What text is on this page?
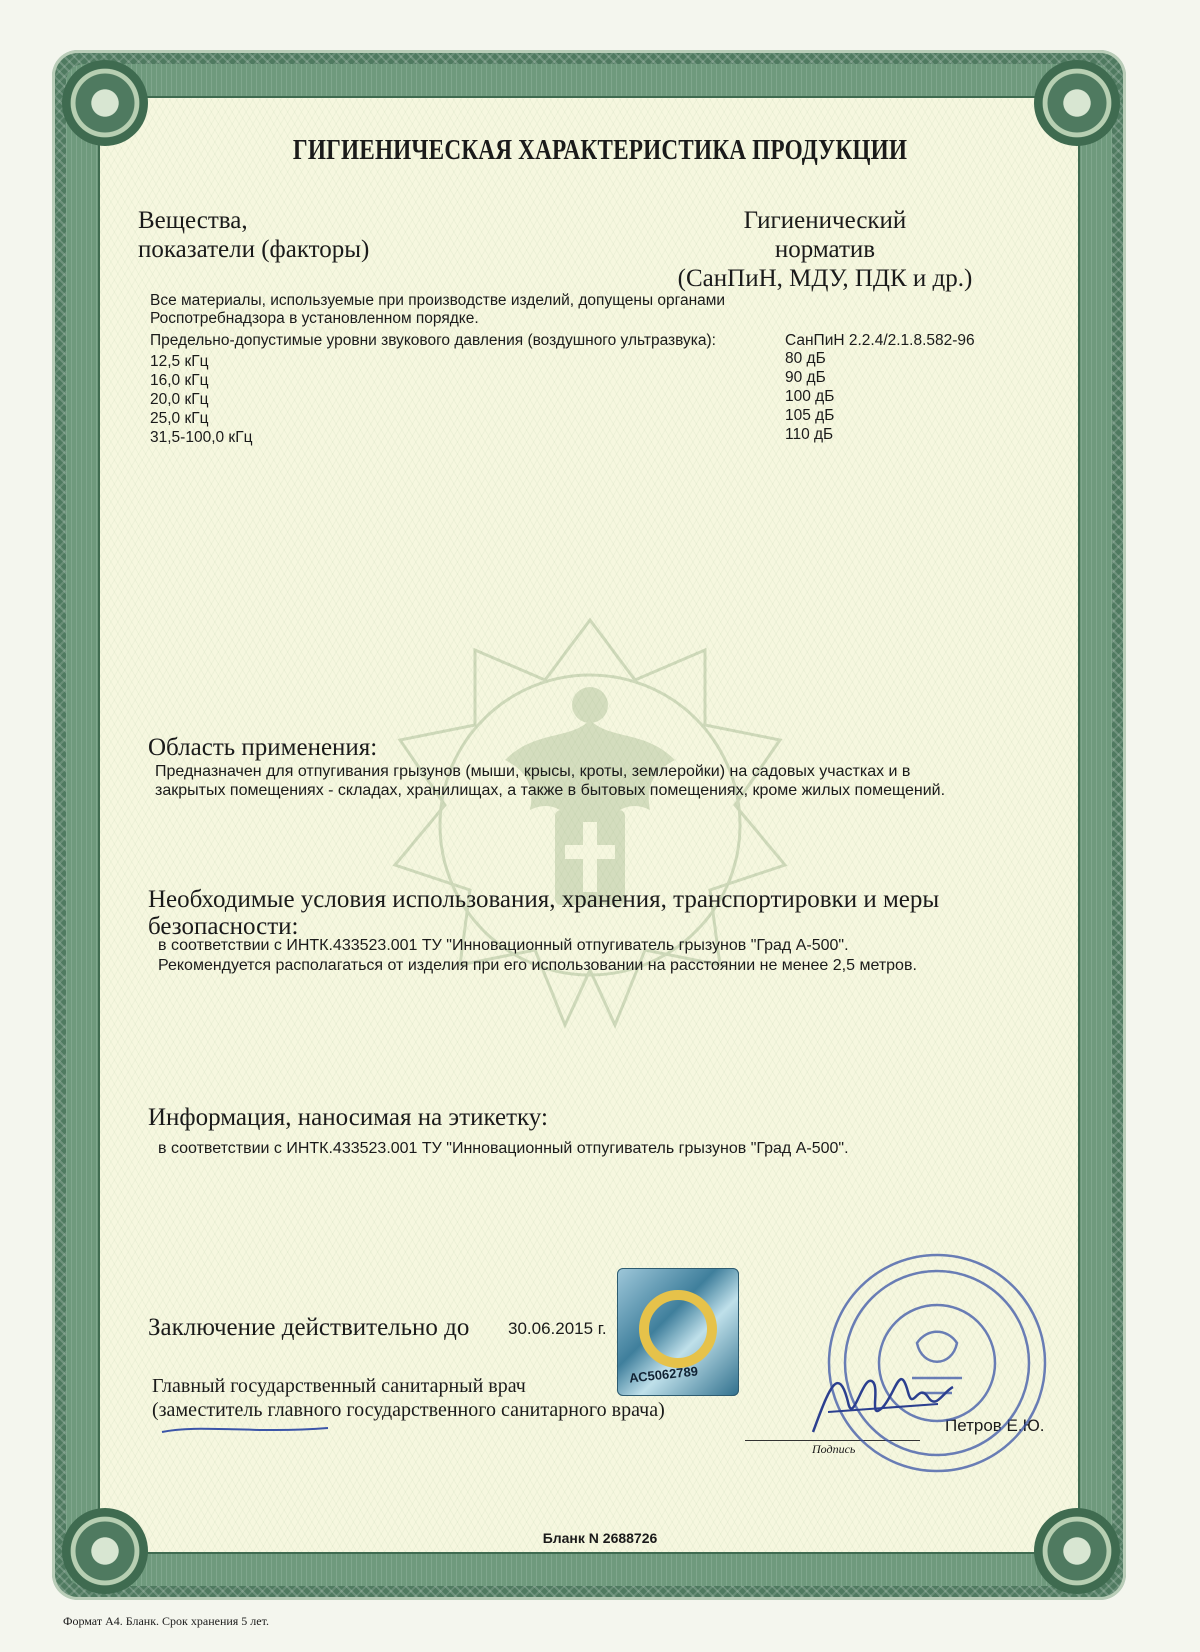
ГИГИЕНИЧЕСКАЯ ХАРАКТЕРИСТИКА ПРОДУКЦИИ
Вещества,
показатели (факторы)
Гигиенический
норматив
(СанПиН, МДУ, ПДК и др.)
Все материалы, используемые при производстве изделий, допущены органами
Роспотребнадзора в установленном порядке.
Предельно-допустимые уровни звукового давления (воздушного ультразвука):	СанПиН 2.2.4/2.1.8.582-96
12,5 кГц
16,0 кГц
20,0 кГц
25,0 кГц
31,5-100,0 кГц
80 дБ
90 дБ
100 дБ
105 дБ
110 дБ
Область применения:
Предназначен для отпугивания грызунов (мыши, крысы, кроты, землеройки) на садовых участках и в
закрытых помещениях - складах, хранилищах, а также в бытовых помещениях, кроме жилых помещений.
Необходимые условия использования, хранения, транспортировки и меры
безопасности:
в соответствии с ИНТК.433523.001 ТУ "Инновационный отпугиватель грызунов "Град А-500".
Рекомендуется располагаться от изделия при его использовании на расстоянии не менее 2,5 метров.
Информация, наносимая на этикетку:
в соответствии с ИНТК.433523.001 ТУ "Инновационный отпугиватель грызунов "Град А-500".
Заключение действительно до 30.06.2015 г.
АС5062789
Главный государственный санитарный врач
(заместитель главного государственного санитарного врача)
Подпись
Петров Е.Ю.
Бланк N 2688726
Формат А4. Бланк. Срок хранения 5 лет.
